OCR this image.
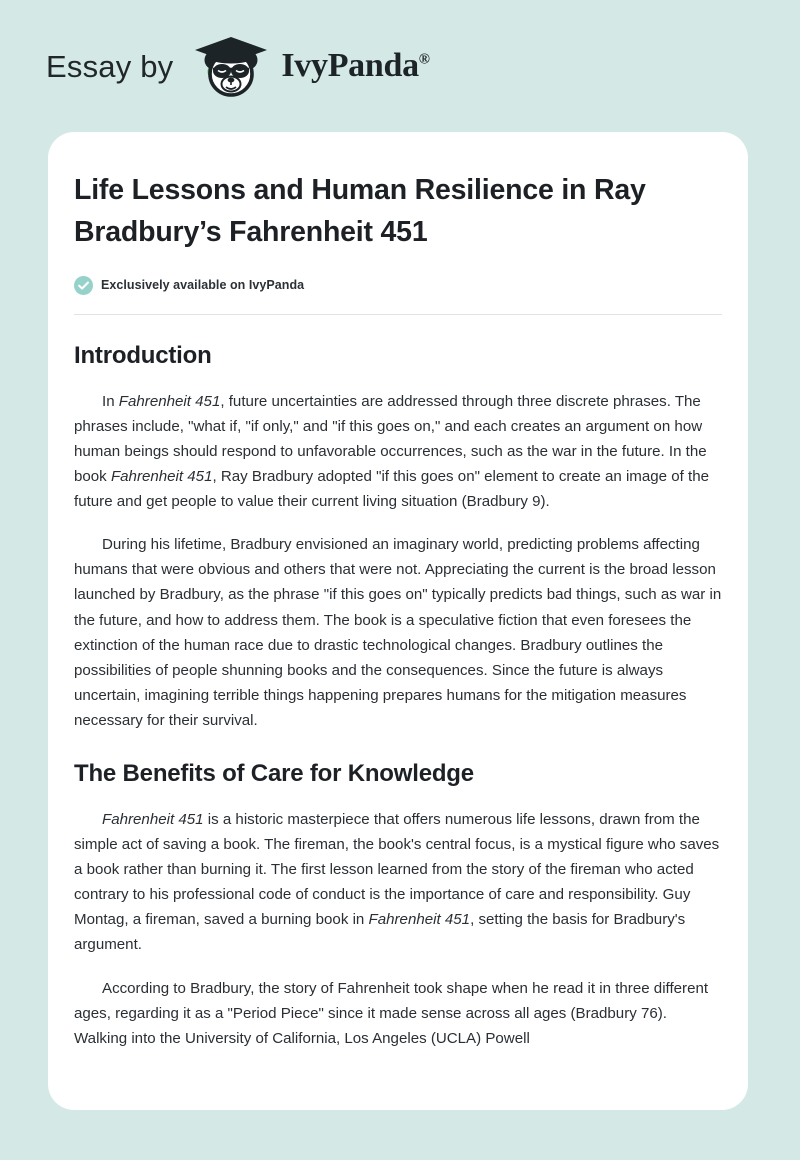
Essay by	IvyPanda®
Life Lessons and Human Resilience in Ray Bradbury’s Fahrenheit 451
Exclusively available on IvyPanda
Introduction

In Fahrenheit 451, future uncertainties are addressed through three discrete phrases. The phrases include, "what if, "if only," and "if this goes on," and each creates an argument on how human beings should respond to unfavorable occurrences, such as the war in the future. In the book Fahrenheit 451, Ray Bradbury adopted "if this goes on" element to create an image of the future and get people to value their current living situation (Bradbury 9).

During his lifetime, Bradbury envisioned an imaginary world, predicting problems affecting humans that were obvious and others that were not. Appreciating the current is the broad lesson launched by Bradbury, as the phrase "if this goes on" typically predicts bad things, such as war in the future, and how to address them. The book is a speculative fiction that even foresees the extinction of the human race due to drastic technological changes. Bradbury outlines the possibilities of people shunning books and the consequences. Since the future is always uncertain, imagining terrible things happening prepares humans for the mitigation measures necessary for their survival.

The Benefits of Care for Knowledge

Fahrenheit 451 is a historic masterpiece that offers numerous life lessons, drawn from the simple act of saving a book. The fireman, the book's central focus, is a mystical figure who saves a book rather than burning it. The first lesson learned from the story of the fireman who acted contrary to his professional code of conduct is the importance of care and responsibility. Guy Montag, a fireman, saved a burning book in Fahrenheit 451, setting the basis for Bradbury's argument.

According to Bradbury, the story of Fahrenheit took shape when he read it in three different ages, regarding it as a "Period Piece" since it made sense across all ages (Bradbury 76). Walking into the University of California, Los Angeles (UCLA) Powell
